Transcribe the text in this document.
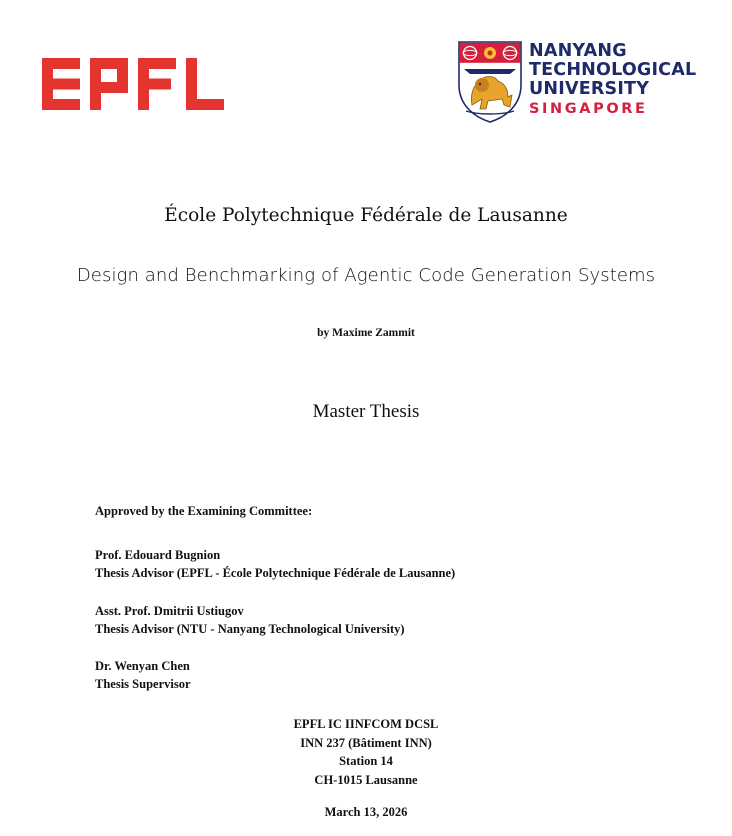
NANYANG
TECHNOLOGICAL
UNIVERSITY
SINGAPORE
École Polytechnique Fédérale de Lausanne
Design and Benchmarking of Agentic Code Generation Systems
by Maxime Zammit
Master Thesis
Approved by the Examining Committee:
Prof. Edouard Bugnion
Thesis Advisor (EPFL - École Polytechnique Fédérale de Lausanne)
Asst. Prof. Dmitrii Ustiugov
Thesis Advisor (NTU - Nanyang Technological University)
Dr. Wenyan Chen
Thesis Supervisor
EPFL IC IINFCOM DCSL
INN 237 (Bâtiment INN)
Station 14
CH-1015 Lausanne
March 13, 2026
